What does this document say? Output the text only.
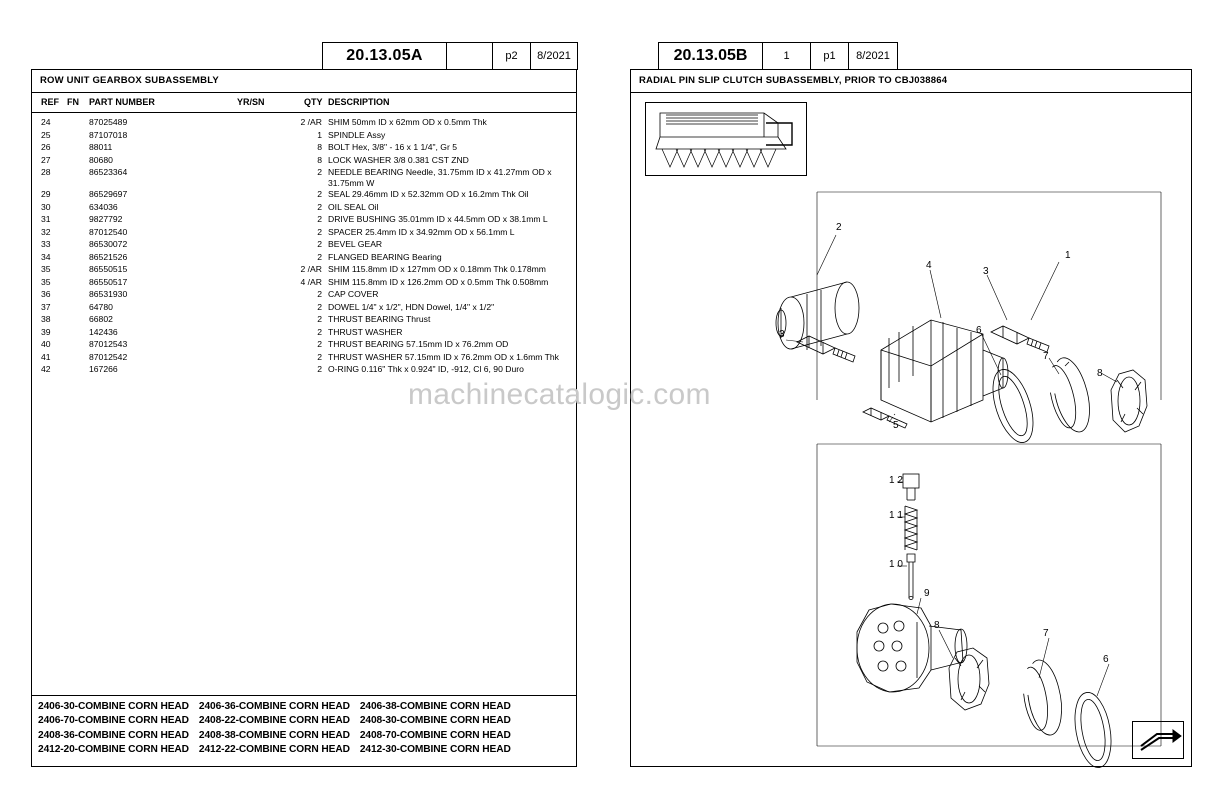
20.13.05A	p2	8/2021
ROW UNIT GEARBOX SUBASSEMBLY
REF FN PART NUMBER	YR/SN	QTY DESCRIPTION
24	87025489	2 /AR SHIM 50mm ID x 62mm OD x 0.5mm Thk
25	87107018	1 SPINDLE Assy
26	88011	8 BOLT Hex, 3/8" - 16 x 1 1/4", Gr 5
27	80680	8 LOCK WASHER 3/8 0.381 CST ZND
28	86523364	2 NEEDLE BEARING Needle, 31.75mm ID x 41.27mm OD x 31.75mm W
29	86529697	2 SEAL 29.46mm ID x 52.32mm OD x 16.2mm Thk Oil
30	634036	2 OIL SEAL Oil
31	9827792	2 DRIVE BUSHING 35.01mm ID x 44.5mm OD x 38.1mm L
32	87012540	2 SPACER 25.4mm ID x 34.92mm OD x 56.1mm L
33	86530072	2 BEVEL GEAR
34	86521526	2 FLANGED BEARING Bearing
35	86550515	2 /AR SHIM 115.8mm ID x 127mm OD x 0.18mm Thk 0.178mm
35	86550517	4 /AR SHIM 115.8mm ID x 126.2mm OD x 0.5mm Thk 0.508mm
36	86531930	2 CAP COVER
37	64780	2 DOWEL 1/4" x 1/2", HDN Dowel, 1/4" x 1/2"
38	66802	2 THRUST BEARING Thrust
39	142436	2 THRUST WASHER
40	87012543	2 THRUST BEARING 57.15mm ID x 76.2mm OD
41	87012542	2 THRUST WASHER 57.15mm ID x 76.2mm OD x 1.6mm Thk
42	167266	2 O-RING 0.116" Thk x 0.924" ID, -912, Cl 6, 90 Duro
2406-30-COMBINE CORN HEAD 2406-36-COMBINE CORN HEAD 2406-38-COMBINE CORN HEAD
2406-70-COMBINE CORN HEAD 2408-22-COMBINE CORN HEAD 2408-30-COMBINE CORN HEAD
2408-36-COMBINE CORN HEAD 2408-38-COMBINE CORN HEAD 2408-70-COMBINE CORN HEAD
2412-20-COMBINE CORN HEAD 2412-22-COMBINE CORN HEAD 2412-30-COMBINE CORN HEAD
20.13.05B	1	p1	8/2021
RADIAL PIN SLIP CLUTCH SUBASSEMBLY, PRIOR TO CBJ038864
1
2
3
4
3
5
6
7
8
1 2
1 1
1 0
9
8
7
6
machinecatalogic.com
